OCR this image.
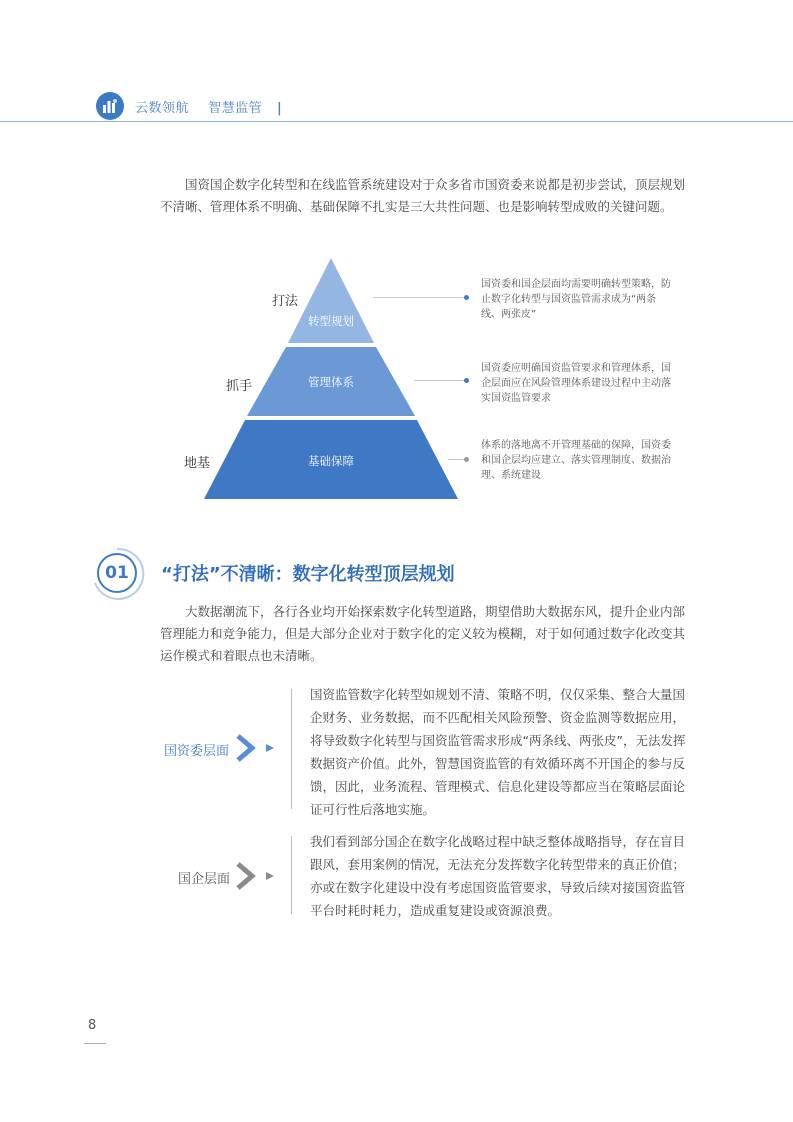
云数领航 智慧监管 |
国资国企数字化转型和在线监管系统建设对于众多省市国资委来说都是初步尝试，顶层规划不清晰、管理体系不明确、基础保障不扎实是三大共性问题、也是影响转型成败的关键问题。
打法
抓手
地基
转型规划
管理体系
基础保障
国资委和国企层面均需要明确转型策略，防止数字化转型与国资监管需求成为“两条线、两张皮”
国资委应明确国资监管要求和管理体系，国企层面应在风险管理体系建设过程中主动落实国资监管要求
体系的落地离不开管理基础的保障，国资委和国企层均应建立、落实管理制度、数据治理、系统建设
01 “打法”不清晰：数字化转型顶层规划
大数据潮流下，各行各业均开始探索数字化转型道路，期望借助大数据东风，提升企业内部管理能力和竞争能力，但是大部分企业对于数字化的定义较为模糊，对于如何通过数字化改变其运作模式和着眼点也未清晰。
国资委层面
国资监管数字化转型如规划不清、策略不明，仅仅采集、整合大量国企财务、业务数据，而不匹配相关风险预警、资金监测等数据应用，将导致数字化转型与国资监管需求形成“两条线、两张皮”，无法发挥数据资产价值。此外，智慧国资监管的有效循环离不开国企的参与反馈，因此，业务流程、管理模式、信息化建设等都应当在策略层面论证可行性后落地实施。
国企层面
我们看到部分国企在数字化战略过程中缺乏整体战略指导，存在盲目跟风，套用案例的情况，无法充分发挥数字化转型带来的真正价值；亦或在数字化建设中没有考虑国资监管要求，导致后续对接国资监管平台时耗时耗力，造成重复建设或资源浪费。
8
